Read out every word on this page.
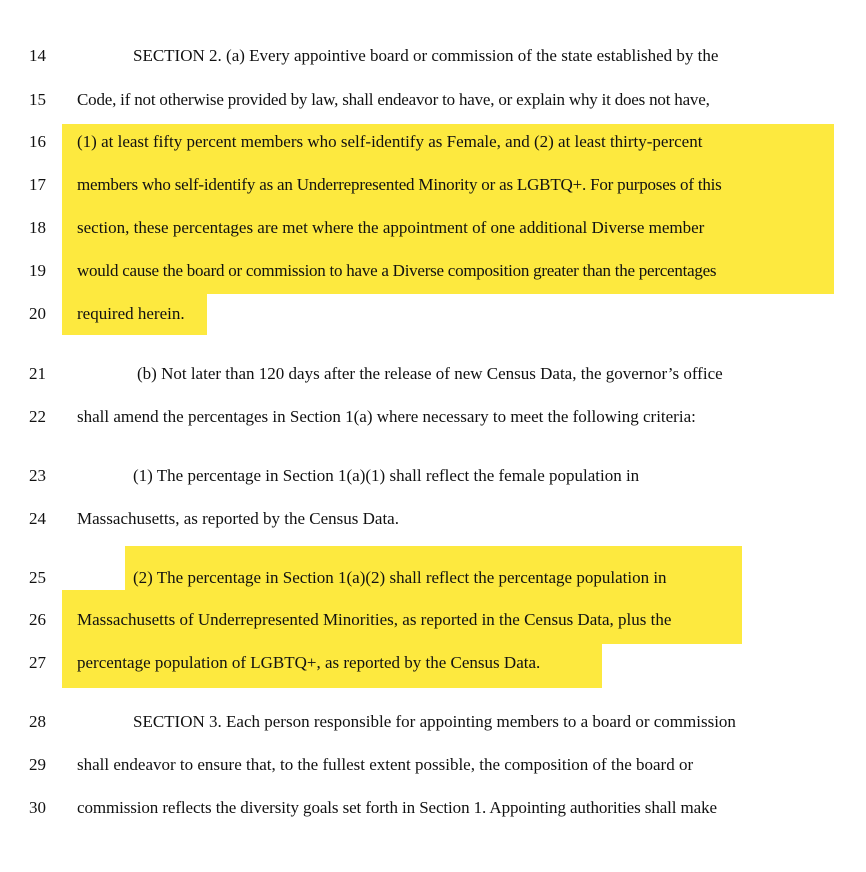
14	SECTION 2. (a) Every appointive board or commission of the state established by the
15 Code, if not otherwise provided by law, shall endeavor to have, or explain why it does not have,
16 (1) at least fifty percent members who self-identify as Female, and (2) at least thirty-percent
17 members who self-identify as an Underrepresented Minority or as LGBTQ+. For purposes of this
18 section, these percentages are met where the appointment of one additional Diverse member
19 would cause the board or commission to have a Diverse composition greater than the percentages
20 required herein.
21	(b) Not later than 120 days after the release of new Census Data, the governor’s office
22 shall amend the percentages in Section 1(a) where necessary to meet the following criteria:
23	(1) The percentage in Section 1(a)(1) shall reflect the female population in
24 Massachusetts, as reported by the Census Data.
25	(2) The percentage in Section 1(a)(2) shall reflect the percentage population in
26 Massachusetts of Underrepresented Minorities, as reported in the Census Data, plus the
27 percentage population of LGBTQ+, as reported by the Census Data.
28	SECTION 3. Each person responsible for appointing members to a board or commission
29 shall endeavor to ensure that, to the fullest extent possible, the composition of the board or
30 commission reflects the diversity goals set forth in Section 1. Appointing authorities shall make
